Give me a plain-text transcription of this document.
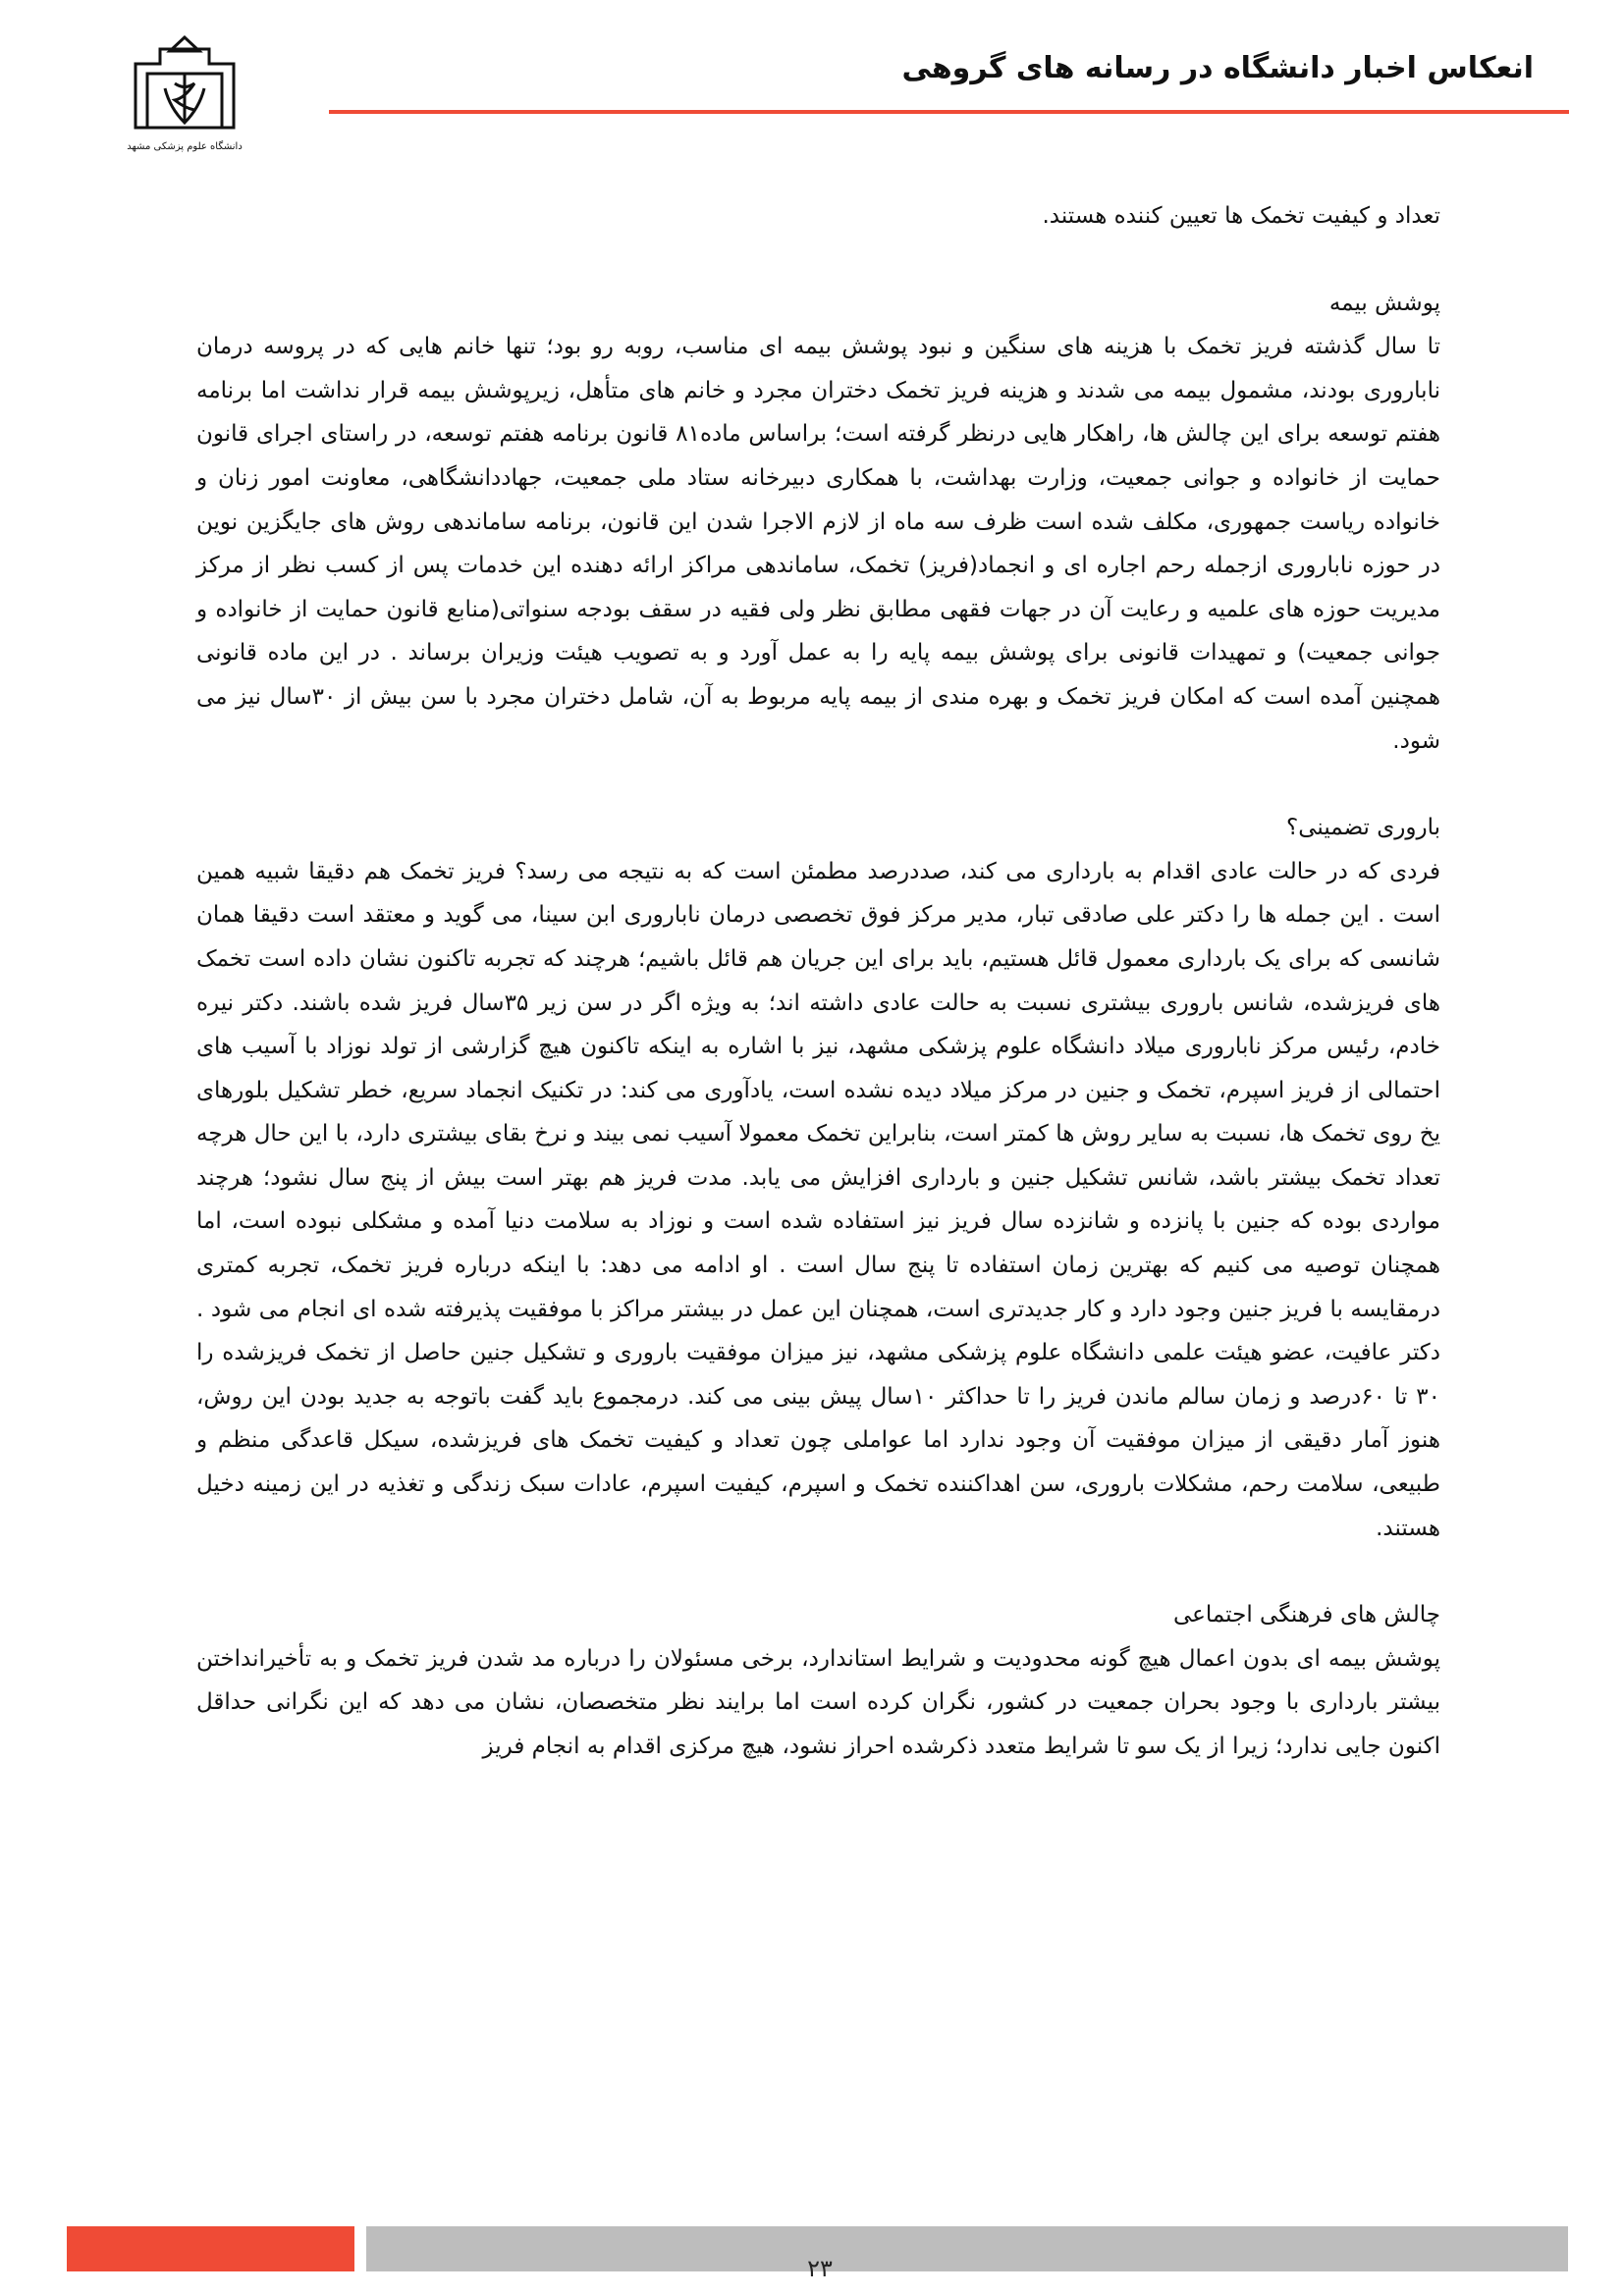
انعکاس اخبار دانشگاه در رسانه های گروهی
دانشگاه علوم پزشکی مشهد

تعداد و کیفیت تخمک ها تعیین کننده هستند.

پوشش بیمه

تا سال گذشته فریز تخمک با هزینه های سنگین و نبود پوشش بیمه ای مناسب، روبه رو بود؛ تنها خانم هایی که در پروسه درمان ناباروری بودند، مشمول بیمه می شدند و هزینه فریز تخمک دختران مجرد و خانم های متأهل، زیرپوشش بیمه قرار نداشت اما برنامه هفتم توسعه برای این چالش ها، راهکار هایی درنظر گرفته است؛ براساس ماده۸۱ قانون برنامه هفتم توسعه، در راستای اجرای قانون حمایت از خانواده و جوانی جمعیت، وزارت بهداشت، با همکاری دبیرخانه ستاد ملی جمعیت، جهاددانشگاهی، معاونت امور زنان و خانواده ریاست جمهوری، مکلف شده است ظرف سه ماه از لازم الاجرا شدن این قانون، برنامه ساماندهی روش های جایگزین نوین در حوزه ناباروری ازجمله رحم اجاره ای و انجماد(فریز) تخمک، ساماندهی مراکز ارائه دهنده این خدمات پس از کسب نظر از مرکز مدیریت حوزه های علمیه و رعایت آن در جهات فقهی مطابق نظر ولی فقیه در سقف بودجه سنواتی(منابع قانون حمایت از خانواده و جوانی جمعیت) و تمهیدات قانونی برای پوشش بیمه پایه را به عمل آورد و به تصویب هیئت وزیران برساند . در این ماده قانونی همچنین آمده است که امکان فریز تخمک و بهره مندی از بیمه پایه مربوط به آن، شامل دختران مجرد با سن بیش از ۳۰سال نیز می شود.

باروری تضمینی؟

فردی که در حالت عادی اقدام به بارداری می کند، صددرصد مطمئن است که به نتیجه می رسد؟ فریز تخمک هم دقیقا شبیه همین است . این جمله ها را دکتر علی صادقی تبار، مدیر مرکز فوق تخصصی درمان ناباروری ابن سینا، می گوید و معتقد است دقیقا همان شانسی که برای یک بارداری معمول قائل هستیم، باید برای این جریان هم قائل باشیم؛ هرچند که تجربه تاکنون نشان داده است تخمک های فریزشده، شانس باروری بیشتری نسبت به حالت عادی داشته اند؛ به ویژه اگر در سن زیر ۳۵سال فریز شده باشند. دکتر نیره خادم، رئیس مرکز ناباروری میلاد دانشگاه علوم پزشکی مشهد، نیز با اشاره به اینکه تاکنون هیچ گزارشی از تولد نوزاد با آسیب های احتمالی از فریز اسپرم، تخمک و جنین در مرکز میلاد دیده نشده است، یادآوری می کند: در تکنیک انجماد سریع، خطر تشکیل بلورهای یخ روی تخمک ها، نسبت به سایر روش ها کمتر است، بنابراین تخمک معمولا آسیب نمی بیند و نرخ بقای بیشتری دارد، با این حال هرچه تعداد تخمک بیشتر باشد، شانس تشکیل جنین و بارداری افزایش می یابد. مدت فریز هم بهتر است بیش از پنج سال نشود؛ هرچند مواردی بوده که جنین با پانزده و شانزده سال فریز نیز استفاده شده است و نوزاد به سلامت دنیا آمده و مشکلی نبوده است، اما همچنان توصیه می کنیم که بهترین زمان استفاده تا پنج سال است . او ادامه می دهد: با اینکه درباره فریز تخمک، تجربه کمتری درمقایسه با فریز جنین وجود دارد و کار جدیدتری است، همچنان این عمل در بیشتر مراکز با موفقیت پذیرفته شده ای انجام می شود . دکتر عافیت، عضو هیئت علمی دانشگاه علوم پزشکی مشهد، نیز میزان موفقیت باروری و تشکیل جنین حاصل از تخمک فریزشده را ۳۰ تا ۶۰درصد و زمان سالم ماندن فریز را تا حداکثر ۱۰سال پیش بینی می کند. درمجموع باید گفت باتوجه به جدید بودن این روش، هنوز آمار دقیقی از میزان موفقیت آن وجود ندارد اما عواملی چون تعداد و کیفیت تخمک های فریزشده، سیکل قاعدگی منظم و طبیعی، سلامت رحم، مشکلات باروری، سن اهداکننده تخمک و اسپرم، کیفیت اسپرم، عادات سبک زندگی و تغذیه در این زمینه دخیل هستند.

چالش های فرهنگی اجتماعی

پوشش بیمه ای بدون اعمال هیچ گونه محدودیت و شرایط استاندارد، برخی مسئولان را درباره مد شدن فریز تخمک و به تأخیرانداختن بیشتر بارداری با وجود بحران جمعیت در کشور، نگران کرده است اما برایند نظر متخصصان، نشان می دهد که این نگرانی حداقل اکنون جایی ندارد؛ زیرا از یک سو تا شرایط متعدد ذکرشده احراز نشود، هیچ مرکزی اقدام به انجام فریز

۲۳
